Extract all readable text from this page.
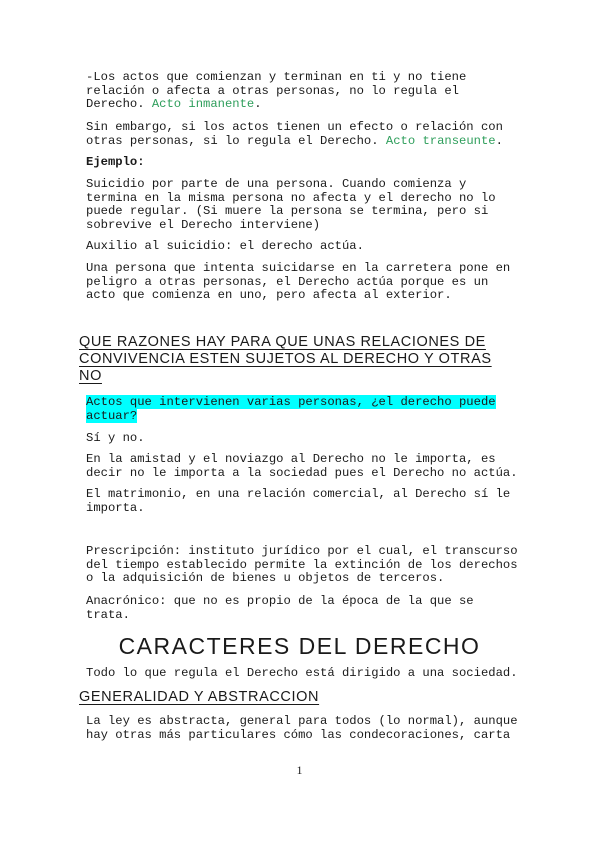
-Los actos que comienzan y terminan en ti y no tiene
relación o afecta a otras personas, no lo regula el
Derecho. Acto inmanente.
Sin embargo, si los actos tienen un efecto o relación con
otras personas, si lo regula el Derecho. Acto transeunte.
Ejemplo:
Suicidio por parte de una persona. Cuando comienza y
termina en la misma persona no afecta y el derecho no lo
puede regular. (Si muere la persona se termina, pero si
sobrevive el Derecho interviene)
Auxilio al suicidio: el derecho actúa.
Una persona que intenta suicidarse en la carretera pone en
peligro a otras personas, el Derecho actúa porque es un
acto que comienza en uno, pero afecta al exterior.
QUE RAZONES HAY PARA QUE UNAS RELACIONES DE
CONVIVENCIA ESTEN SUJETOS AL DERECHO Y OTRAS
NO
Actos que intervienen varias personas, ¿el derecho puede
actuar?
Sí y no.
En la amistad y el noviazgo al Derecho no le importa, es
decir no le importa a la sociedad pues el Derecho no actúa.
El matrimonio, en una relación comercial, al Derecho sí le
importa.
Prescripción: instituto jurídico por el cual, el transcurso
del tiempo establecido permite la extinción de los derechos
o la adquisición de bienes u objetos de terceros.
Anacrónico: que no es propio de la época de la que se
trata.
CARACTERES DEL DERECHO
Todo lo que regula el Derecho está dirigido a una sociedad.
GENERALIDAD Y ABSTRACCION
La ley es abstracta, general para todos (lo normal), aunque
hay otras más particulares cómo las condecoraciones, carta
1
